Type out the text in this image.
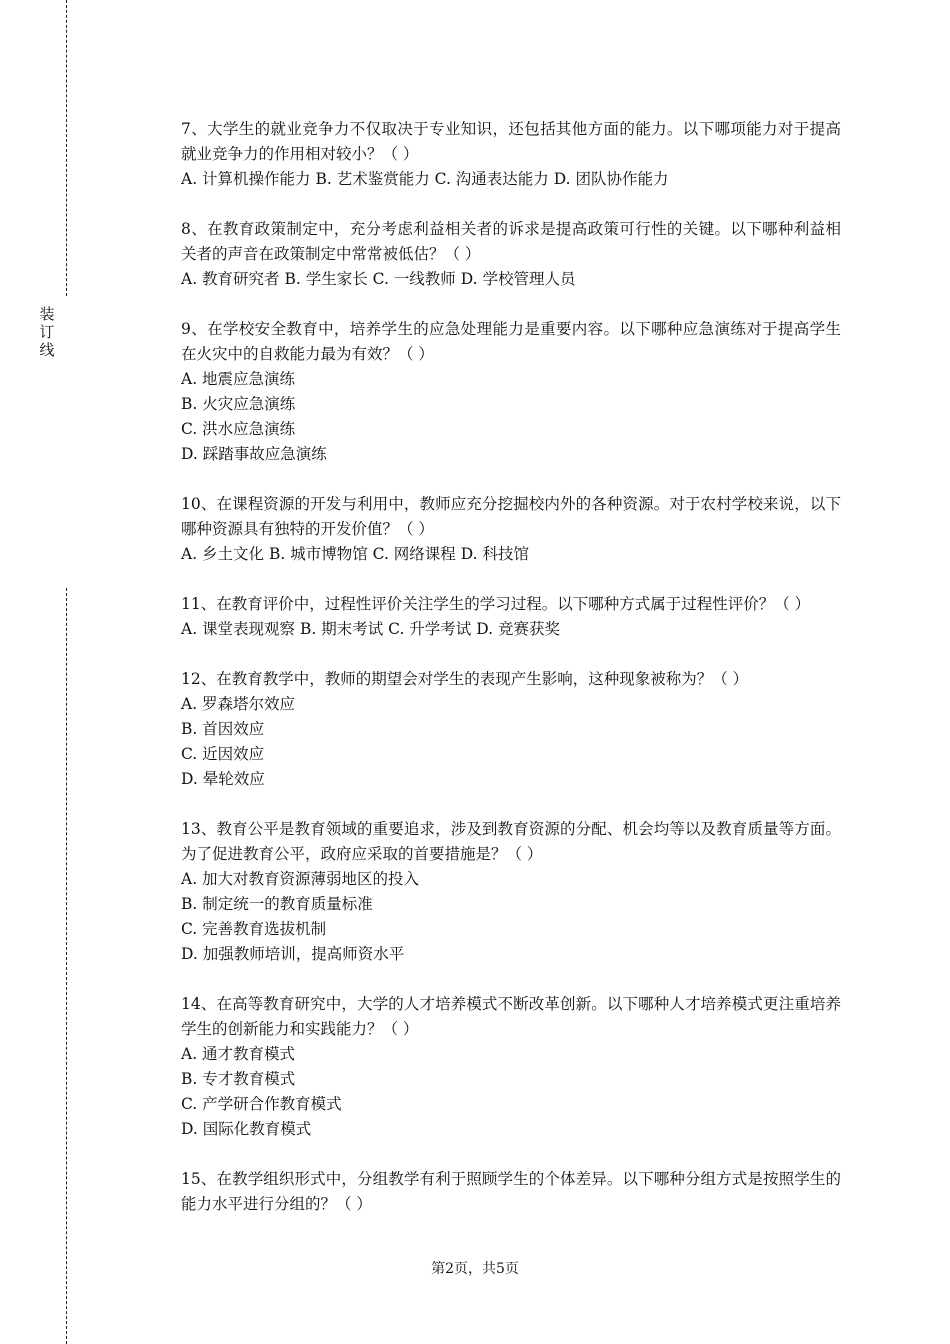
装
订
线
7、大学生的就业竞争力不仅取决于专业知识，还包括其他方面的能力。以下哪项能力对于提高就业竞争力的作用相对较小？（ ）
A. 计算机操作能力 B. 艺术鉴赏能力 C. 沟通表达能力 D. 团队协作能力
8、在教育政策制定中，充分考虑利益相关者的诉求是提高政策可行性的关键。以下哪种利益相关者的声音在政策制定中常常被低估？（ ）
A. 教育研究者 B. 学生家长 C. 一线教师 D. 学校管理人员
9、在学校安全教育中，培养学生的应急处理能力是重要内容。以下哪种应急演练对于提高学生在火灾中的自救能力最为有效？（ ）
A. 地震应急演练
B. 火灾应急演练
C. 洪水应急演练
D. 踩踏事故应急演练
10、在课程资源的开发与利用中，教师应充分挖掘校内外的各种资源。对于农村学校来说，以下哪种资源具有独特的开发价值？（ ）
A. 乡土文化 B. 城市博物馆 C. 网络课程 D. 科技馆
11、在教育评价中，过程性评价关注学生的学习过程。以下哪种方式属于过程性评价？（ ）
A. 课堂表现观察 B. 期末考试 C. 升学考试 D. 竞赛获奖
12、在教育教学中，教师的期望会对学生的表现产生影响，这种现象被称为？（ ）
A. 罗森塔尔效应
B. 首因效应
C. 近因效应
D. 晕轮效应
13、教育公平是教育领域的重要追求，涉及到教育资源的分配、机会均等以及教育质量等方面。为了促进教育公平，政府应采取的首要措施是？（ ）
A. 加大对教育资源薄弱地区的投入
B. 制定统一的教育质量标准
C. 完善教育选拔机制
D. 加强教师培训，提高师资水平
14、在高等教育研究中，大学的人才培养模式不断改革创新。以下哪种人才培养模式更注重培养学生的创新能力和实践能力？（ ）
A. 通才教育模式
B. 专才教育模式
C. 产学研合作教育模式
D. 国际化教育模式
15、在教学组织形式中，分组教学有利于照顾学生的个体差异。以下哪种分组方式是按照学生的能力水平进行分组的？（ ）
第2页，共5页
